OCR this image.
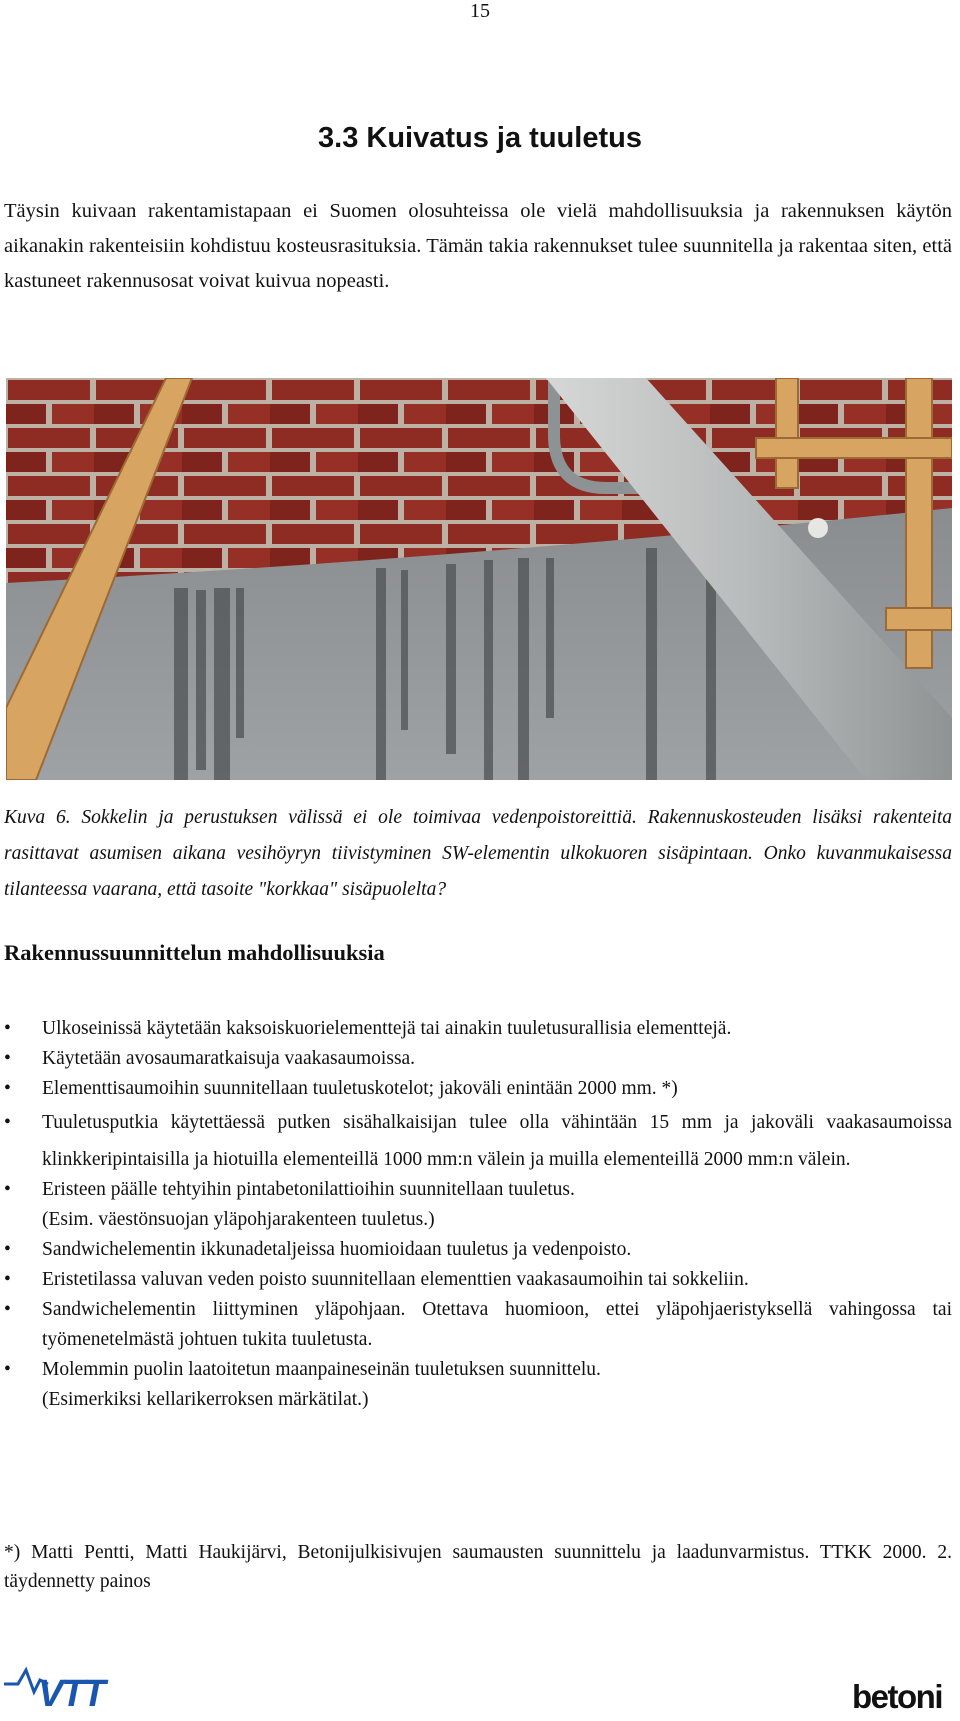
15
3.3 Kuivatus ja tuuletus
Täysin kuivaan rakentamistapaan ei Suomen olosuhteissa ole vielä mahdollisuuksia ja rakennuksen käytön aikanakin rakenteisiin kohdistuu kosteusrasituksia. Tämän takia rakennukset tulee suunnitella ja rakentaa siten, että kastuneet rakennusosat voivat kuivua nopeasti.
Kuva 6. Sokkelin ja perustuksen välissä ei ole toimivaa vedenpoistoreittiä. Rakennuskosteuden lisäksi rakenteita rasittavat asumisen aikana vesihöyryn tiivistyminen SW-elementin ulkokuoren sisäpintaan. Onko kuvanmukaisessa tilanteessa vaarana, että tasoite "korkkaa" sisäpuolelta?
Rakennussuunnittelun mahdollisuuksia
• Ulkoseinissä käytetään kaksoiskuorielementtejä tai ainakin tuuletusurallisia elementtejä.
• Käytetään avosaumaratkaisuja vaakasaumoissa.
• Elementtisaumoihin suunnitellaan tuuletuskotelot; jakoväli enintään 2000 mm. *)
• Tuuletusputkia käytettäessä putken sisähalkaisijan tulee olla vähintään 15 mm ja jakoväli vaakasaumoissa klinkkeripintaisilla ja hiotuilla elementeillä 1000 mm:n välein ja muilla elementeillä 2000 mm:n välein.
• Eristeen päälle tehtyihin pintabetonilattioihin suunnitellaan tuuletus.
(Esim. väestönsuojan yläpohjarakenteen tuuletus.)
• Sandwichelementin ikkunadetaljeissa huomioidaan tuuletus ja vedenpoisto.
• Eristetilassa valuvan veden poisto suunnitellaan elementtien vaakasaumoihin tai sokkeliin.
• Sandwichelementin liittyminen yläpohjaan. Otettava huomioon, ettei yläpohjaeristyksellä vahingossa tai työmenetelmästä johtuen tukita tuuletusta.
• Molemmin puolin laatoitetun maanpaineseinän tuuletuksen suunnittelu.
(Esimerkiksi kellarikerroksen märkätilat.)
*) Matti Pentti, Matti Haukijärvi, Betonijulkisivujen saumausten suunnittelu ja laadunvarmistus. TTKK 2000. 2. täydennetty painos
VTT	betoni
